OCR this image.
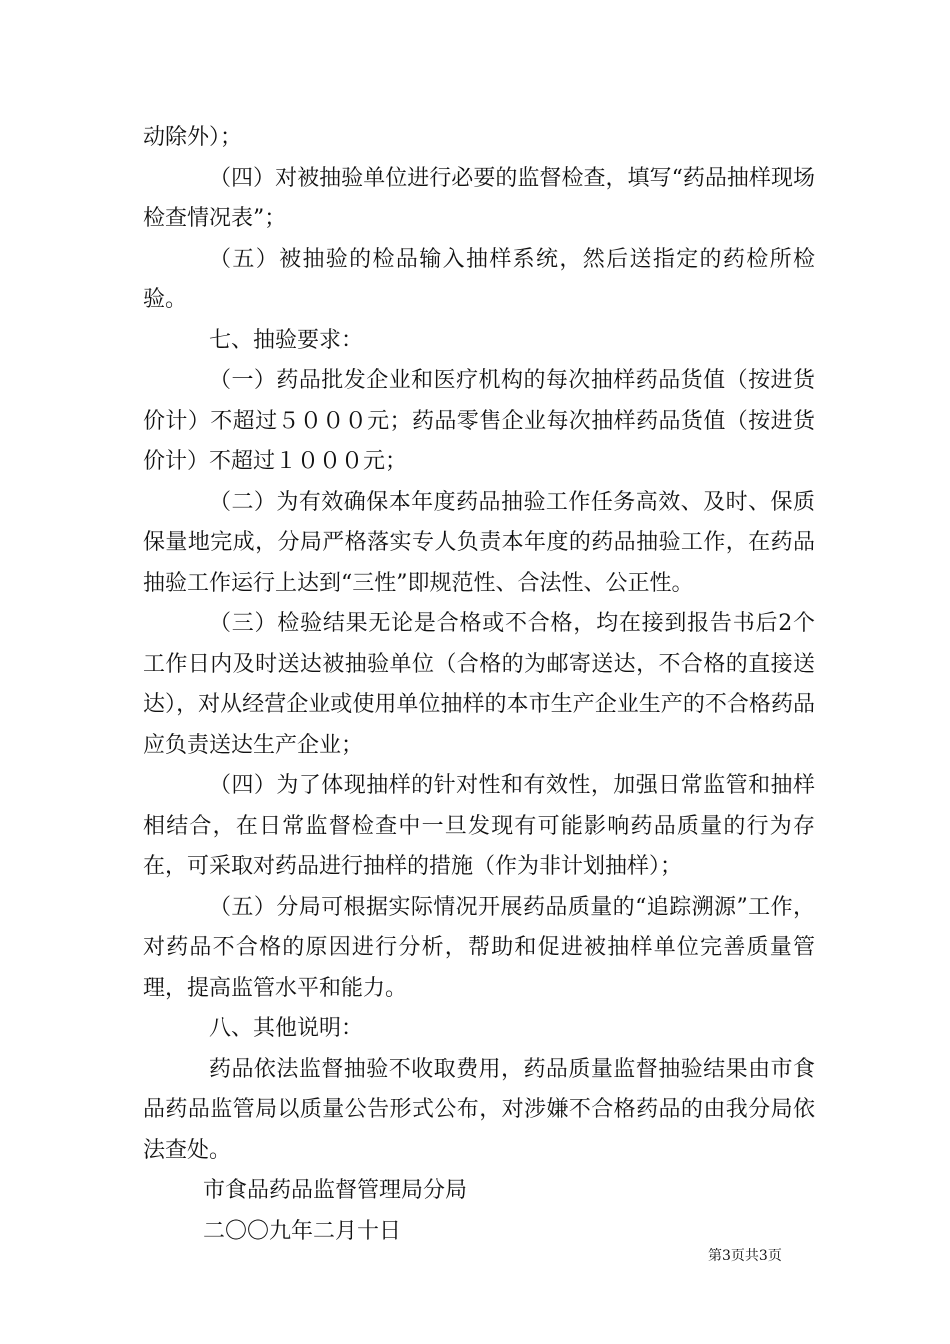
动除外）；

（四）对被抽验单位进行必要的监督检查，填写“药品抽样现场检查情况表”；

（五）被抽验的检品输入抽样系统，然后送指定的药检所检验。

七、抽验要求：

（一）药品批发企业和医疗机构的每次抽样药品货值（按进货价计）不超过５０００元；药品零售企业每次抽样药品货值（按进货价计）不超过１０００元；

（二）为有效确保本年度药品抽验工作任务高效、及时、保质保量地完成，分局严格落实专人负责本年度的药品抽验工作，在药品抽验工作运行上达到“三性”即规范性、合法性、公正性。

（三）检验结果无论是合格或不合格，均在接到报告书后2个工作日内及时送达被抽验单位（合格的为邮寄送达，不合格的直接送达），对从经营企业或使用单位抽样的本市生产企业生产的不合格药品应负责送达生产企业；

（四）为了体现抽样的针对性和有效性，加强日常监管和抽样相结合，在日常监督检查中一旦发现有可能影响药品质量的行为存在，可采取对药品进行抽样的措施（作为非计划抽样）；

（五）分局可根据实际情况开展药品质量的“追踪溯源”工作，对药品不合格的原因进行分析，帮助和促进被抽样单位完善质量管理，提高监管水平和能力。

八、其他说明：

药品依法监督抽验不收取费用，药品质量监督抽验结果由市食品药品监管局以质量公告形式公布，对涉嫌不合格药品的由我分局依法查处。

市食品药品监督管理局分局

二〇〇九年二月十日

第3页共3页
